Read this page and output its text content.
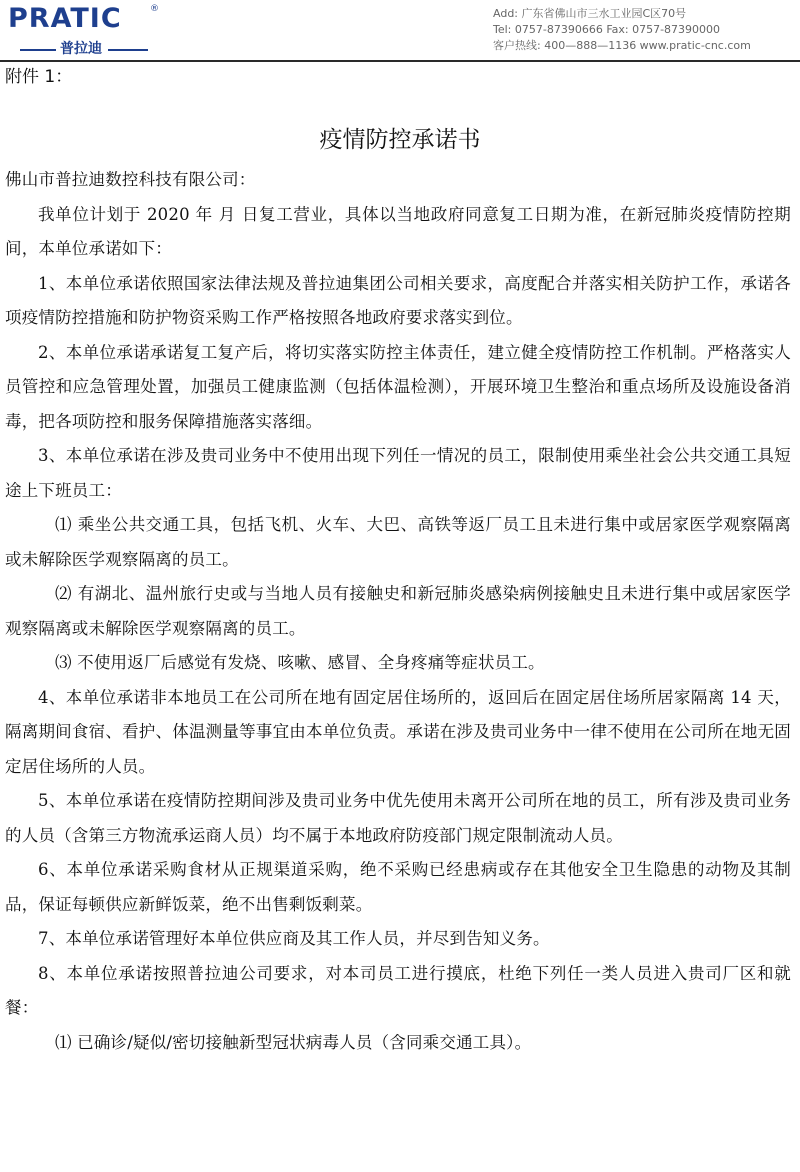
PRATIC	®
普拉迪
Add: 广东省佛山市三水工业园C区70号
Tel: 0757-87390666 Fax: 0757-87390000
客户热线: 400—888—1136 www.pratic-cnc.com
附件 1：
疫情防控承诺书

佛山市普拉迪数控科技有限公司：

我单位计划于 2020 年 月 日复工营业，具体以当地政府同意复工日期为准，在新冠肺炎疫情防控期间，本单位承诺如下：

1、本单位承诺依照国家法律法规及普拉迪集团公司相关要求，高度配合并落实相关防护工作，承诺各项疫情防控措施和防护物资采购工作严格按照各地政府要求落实到位。

2、本单位承诺承诺复工复产后，将切实落实防控主体责任，建立健全疫情防控工作机制。严格落实人员管控和应急管理处置，加强员工健康监测（包括体温检测），开展环境卫生整治和重点场所及设施设备消毒，把各项防控和服务保障措施落实落细。

3、本单位承诺在涉及贵司业务中不使用出现下列任一情况的员工，限制使用乘坐社会公共交通工具短途上下班员工：

⑴ 乘坐公共交通工具，包括飞机、火车、大巴、高铁等返厂员工且未进行集中或居家医学观察隔离或未解除医学观察隔离的员工。

⑵ 有湖北、温州旅行史或与当地人员有接触史和新冠肺炎感染病例接触史且未进行集中或居家医学观察隔离或未解除医学观察隔离的员工。

⑶ 不使用返厂后感觉有发烧、咳嗽、感冒、全身疼痛等症状员工。

4、本单位承诺非本地员工在公司所在地有固定居住场所的，返回后在固定居住场所居家隔离 14 天，隔离期间食宿、看护、体温测量等事宜由本单位负责。承诺在涉及贵司业务中一律不使用在公司所在地无固定居住场所的人员。

5、本单位承诺在疫情防控期间涉及贵司业务中优先使用未离开公司所在地的员工，所有涉及贵司业务的人员（含第三方物流承运商人员）均不属于本地政府防疫部门规定限制流动人员。

6、本单位承诺采购食材从正规渠道采购，绝不采购已经患病或存在其他安全卫生隐患的动物及其制品，保证每顿供应新鲜饭菜，绝不出售剩饭剩菜。

7、本单位承诺管理好本单位供应商及其工作人员，并尽到告知义务。

8、本单位承诺按照普拉迪公司要求，对本司员工进行摸底，杜绝下列任一类人员进入贵司厂区和就餐：

⑴ 已确诊/疑似/密切接触新型冠状病毒人员（含同乘交通工具）。
